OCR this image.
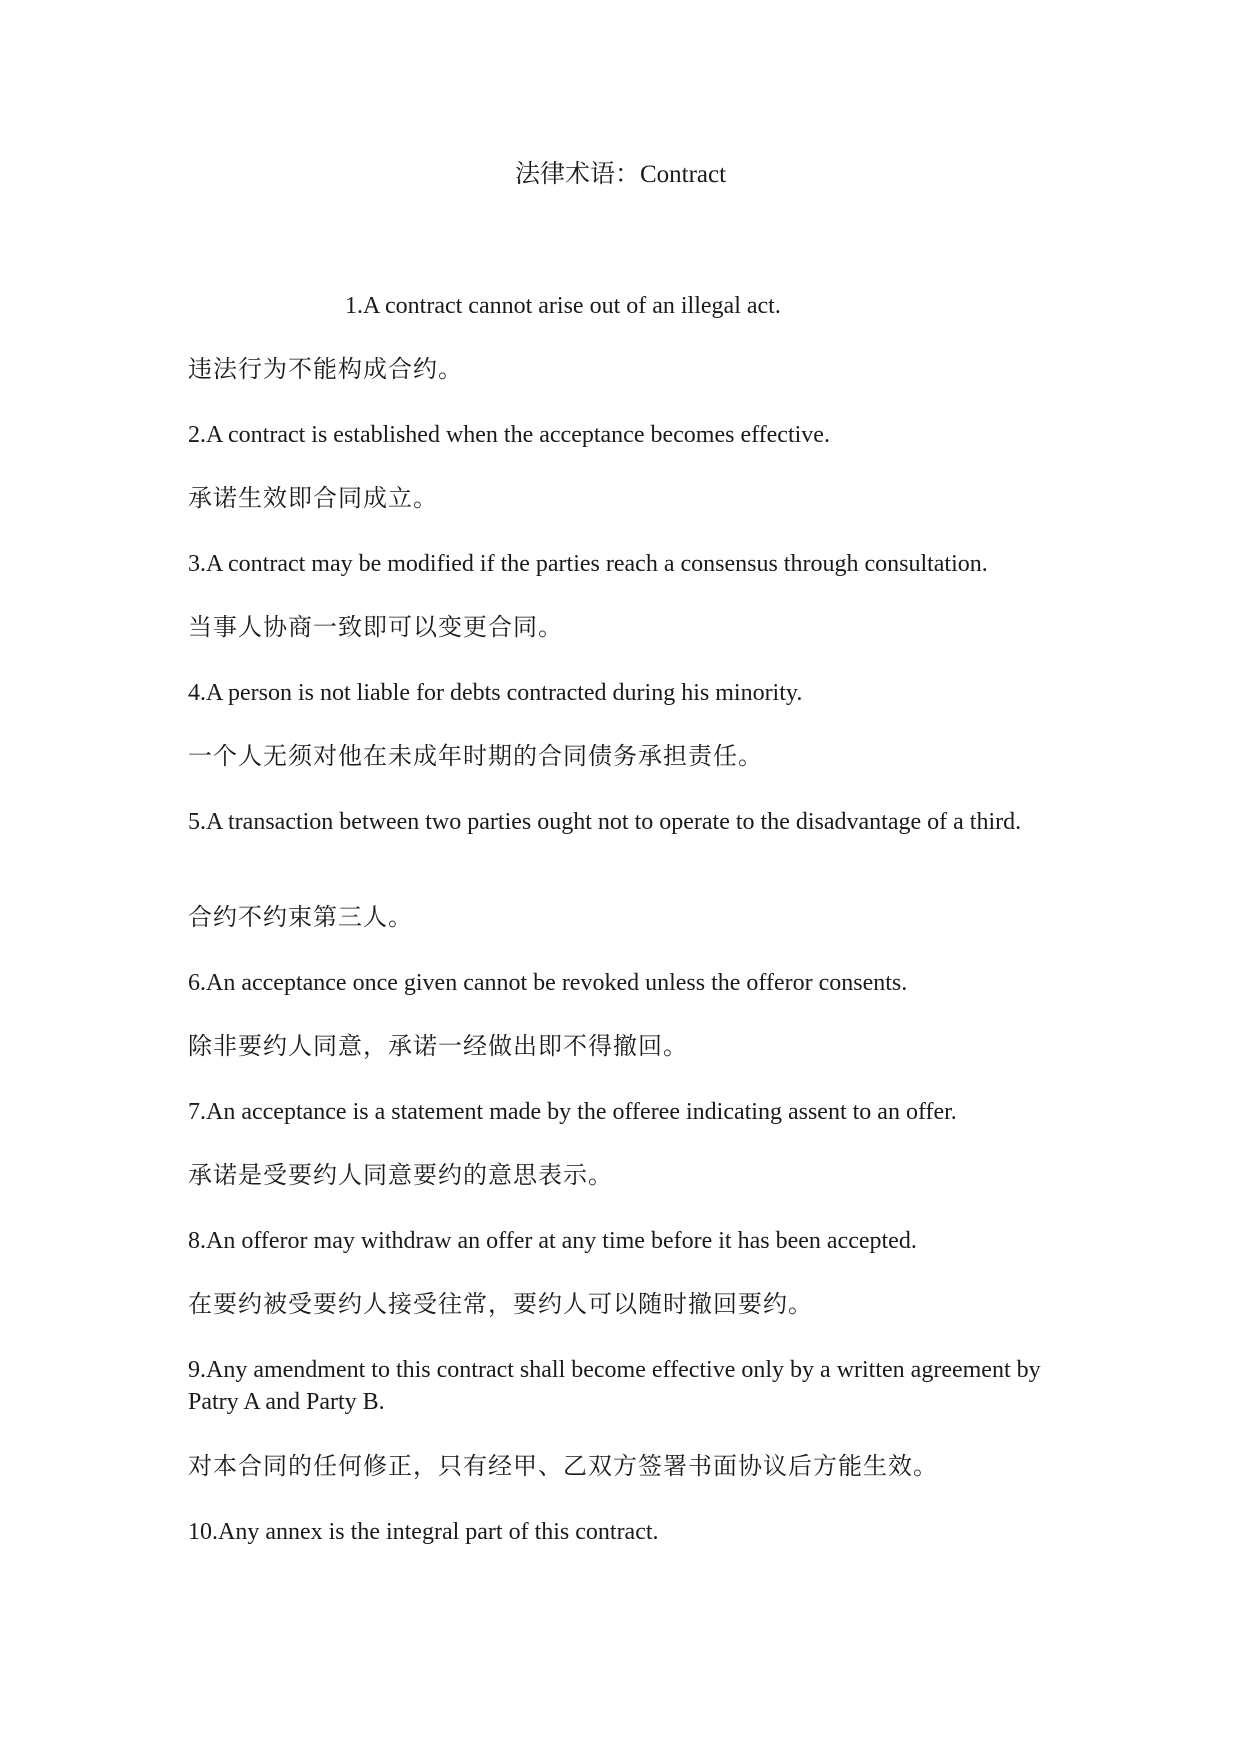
法律术语：Contract
1.A contract cannot arise out of an illegal act.
违法行为不能构成合约。
2.A contract is established when the acceptance becomes effective.
承诺生效即合同成立。
3.A contract may be modified if the parties reach a consensus through consultation.
当事人协商一致即可以变更合同。
4.A person is not liable for debts contracted during his minority.
一个人无须对他在未成年时期的合同债务承担责任。
5.A transaction between two parties ought not to operate to the disadvantage of a third.
合约不约束第三人。
6.An acceptance once given cannot be revoked unless the offeror consents.
除非要约人同意，承诺一经做出即不得撤回。
7.An acceptance is a statement made by the offeree indicating assent to an offer.
承诺是受要约人同意要约的意思表示。
8.An offeror may withdraw an offer at any time before it has been accepted.
在要约被受要约人接受往常，要约人可以随时撤回要约。
9.Any amendment to this contract shall become effective only by a written agreement by Patry A and Party B.
对本合同的任何修正，只有经甲、乙双方签署书面协议后方能生效。
10.Any annex is the integral part of this contract.
